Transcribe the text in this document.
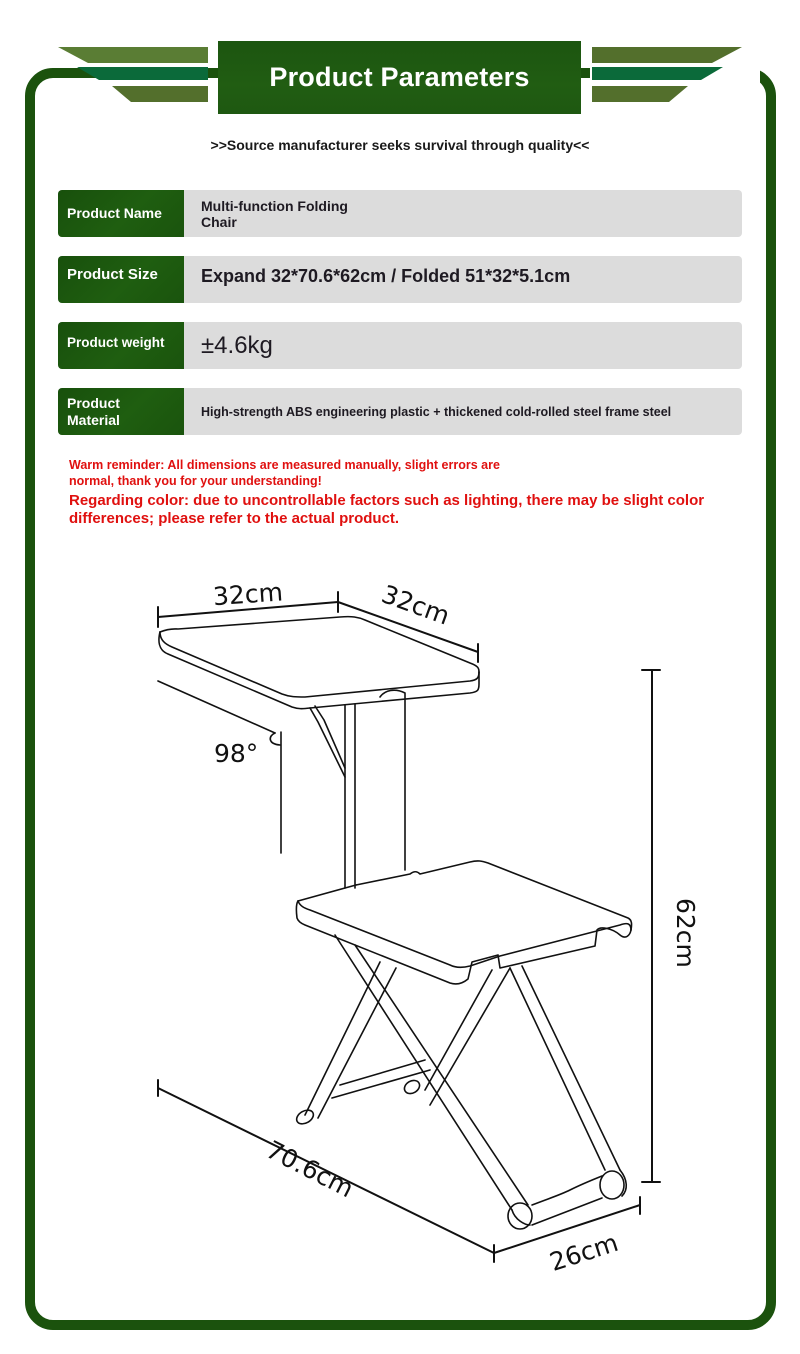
Product Parameters
>>Source manufacturer seeks survival through quality<<
Product Name	Multi-function Folding
Chair
Product Size	Expand 32*70.6*62cm / Folded 51*32*5.1cm
Product weight	±4.6kg
Product
Material	High-strength ABS engineering plastic + thickened cold-rolled steel frame steel
Warm reminder: All dimensions are measured manually, slight errors are
normal, thank you for your understanding!
Regarding color: due to uncontrollable factors such as lighting, there may be slight color
differences; please refer to the actual product.
32cm	32cm
98°
62cm
70.6cm
26cm
